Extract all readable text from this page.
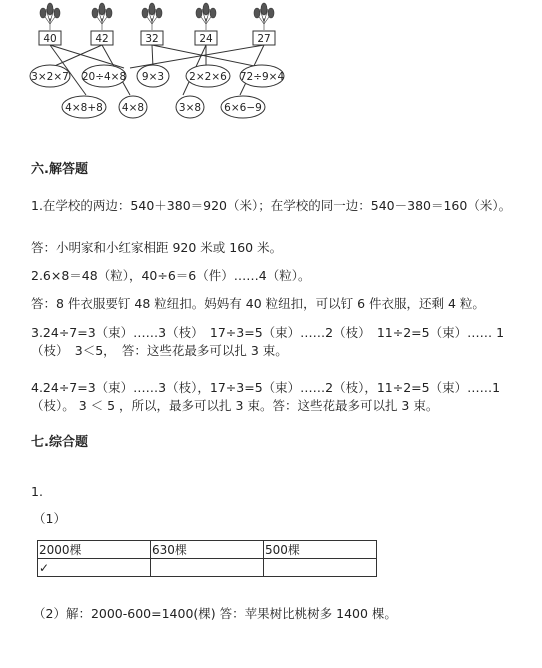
40	42	32	24	27
3×2×7 20÷4×8 9×3 2×2×6 72÷9×4
4×8+8 4×8	3×8 6×6−9
六.解答题
1.在学校的两边：540＋380＝920（米）；在学校的同一边：540－380＝160（米）。
答：小明家和小红家相距 920 米或 160 米。
2.6×8＝48（粒），40÷6＝6（件）……4（粒）。
答：8 件衣服要钉 48 粒纽扣。妈妈有 40 粒纽扣，可以钉 6 件衣服，还剩 4 粒。
3.24÷7=3（束）……3（枝）　17÷3=5（束）……2（枝）　11÷2=5（束）…… 1
（枝）　3＜5，　答：这些花最多可以扎 3 束。
4.24÷7=3（束）……3（枝），17÷3=5（束）……2（枝），11÷2=5（束）……1
（枝）。 3 ＜ 5 ，所以，最多可以扎 3 束。答：这些花最多可以扎 3 束。
七.综合题
1.
（1）
2000棵	630棵	500棵
✓		
（2）解：2000-600=1400(棵) 答：苹果树比桃树多 1400 棵。
